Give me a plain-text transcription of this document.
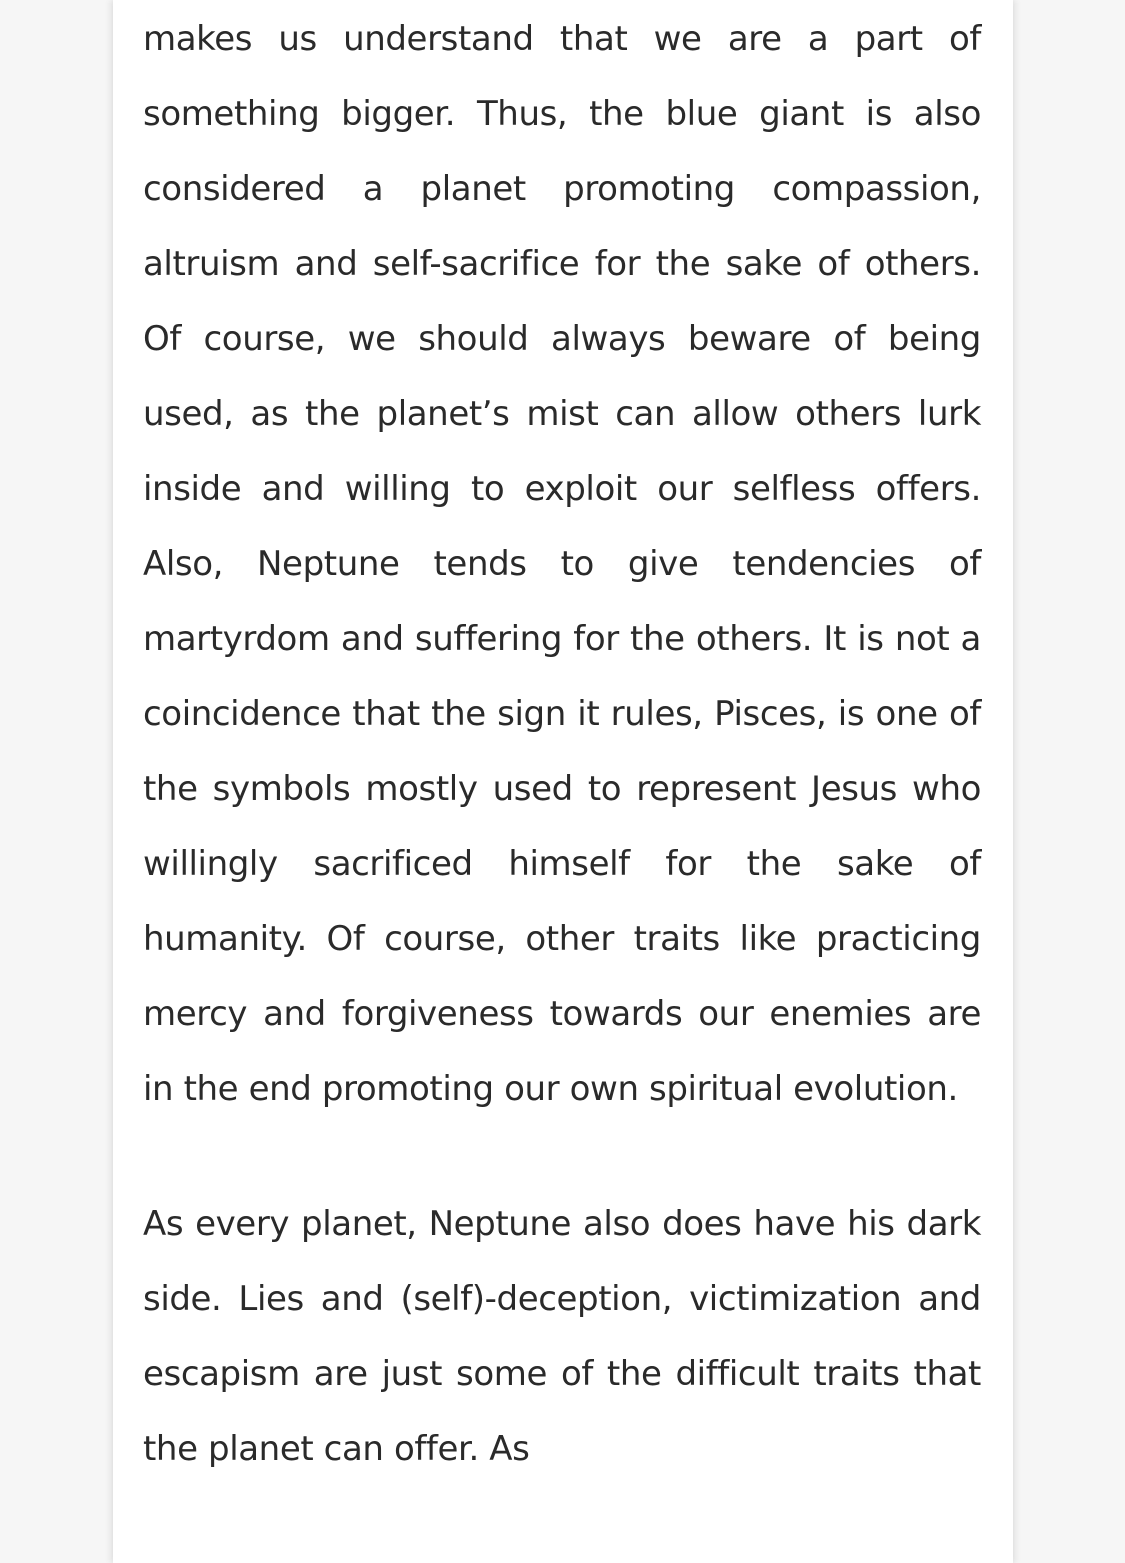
makes us understand that we are a part of something bigger. Thus, the blue giant is also considered a planet promoting compassion, altruism and self-sacrifice for the sake of others. Of course, we should always beware of being used, as the planet’s mist can allow others lurk inside and willing to exploit our selfless offers. Also, Neptune tends to give tendencies of martyrdom and suffering for the others. It is not a coincidence that the sign it rules, Pisces, is one of the symbols mostly used to represent Jesus who willingly sacrificed himself for the sake of humanity. Of course, other traits like practicing mercy and forgiveness towards our enemies are in the end promoting our own spiritual evolution.

As every planet, Neptune also does have his dark side. Lies and (self)-deception, victimization and escapism are just some of the difficult traits that the planet can offer. As
